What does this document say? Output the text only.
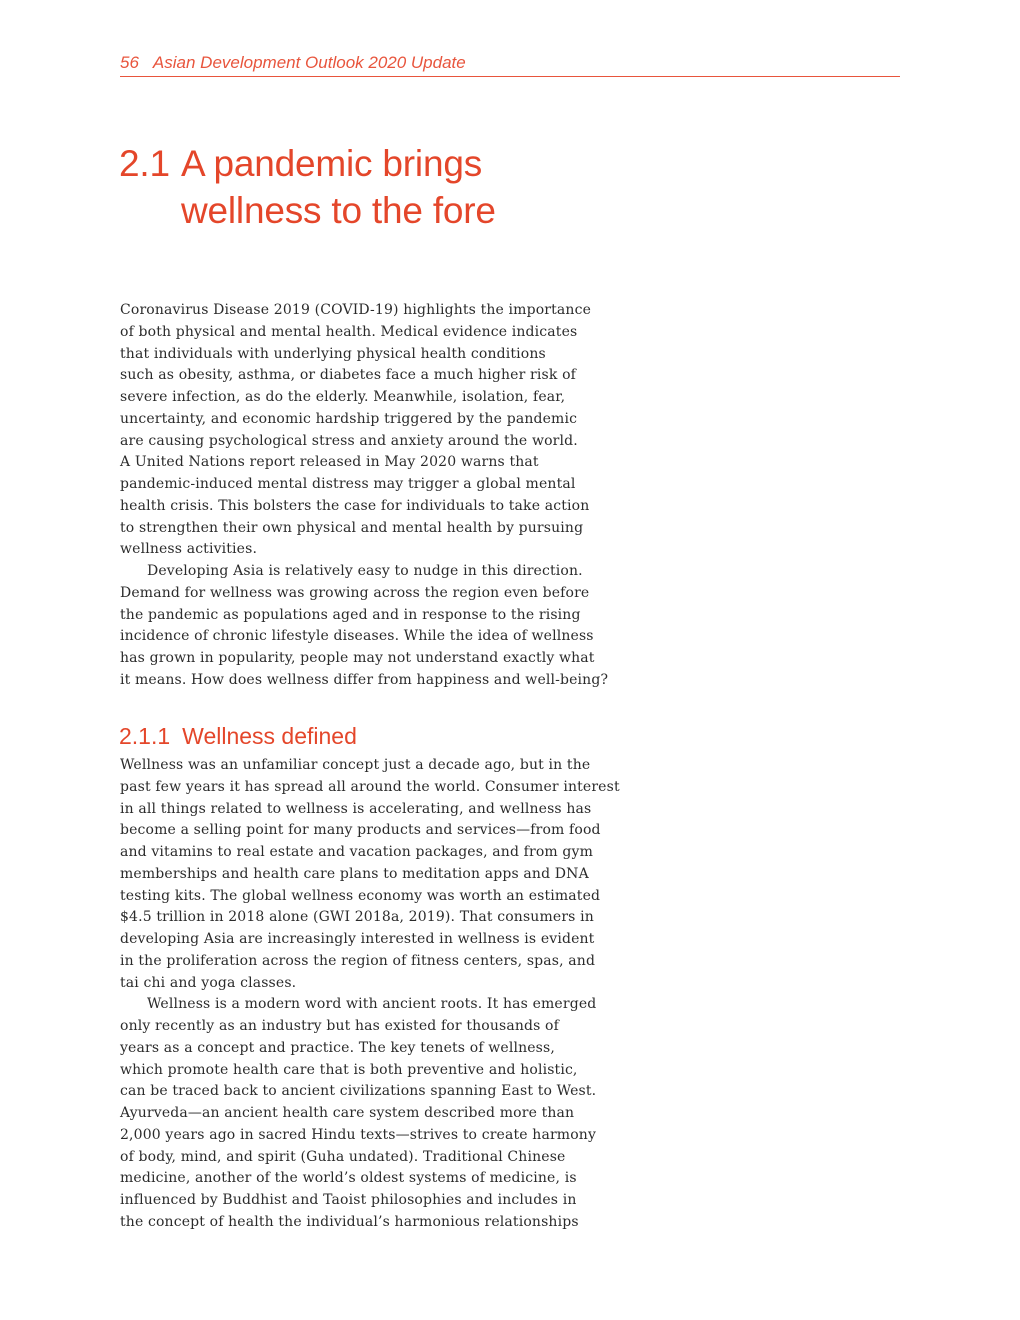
56 Asian Development Outlook 2020 Update
2.1 A pandemic brings
wellness to the fore

Coronavirus Disease 2019 (COVID-19) highlights the importance
of both physical and mental health. Medical evidence indicates
that individuals with underlying physical health conditions
such as obesity, asthma, or diabetes face a much higher risk of
severe infection, as do the elderly. Meanwhile, isolation, fear,
uncertainty, and economic hardship triggered by the pandemic
are causing psychological stress and anxiety around the world.
A United Nations report released in May 2020 warns that
pandemic-induced mental distress may trigger a global mental
health crisis. This bolsters the case for individuals to take action
to strengthen their own physical and mental health by pursuing
wellness activities.

Developing Asia is relatively easy to nudge in this direction.
Demand for wellness was growing across the region even before
the pandemic as populations aged and in response to the rising
incidence of chronic lifestyle diseases. While the idea of wellness
has grown in popularity, people may not understand exactly what
it means. How does wellness differ from happiness and well-being?

2.1.1 Wellness defined

Wellness was an unfamiliar concept just a decade ago, but in the
past few years it has spread all around the world. Consumer interest
in all things related to wellness is accelerating, and wellness has
become a selling point for many products and services—from food
and vitamins to real estate and vacation packages, and from gym
memberships and health care plans to meditation apps and DNA
testing kits. The global wellness economy was worth an estimated
$4.5 trillion in 2018 alone (GWI 2018a, 2019). That consumers in
developing Asia are increasingly interested in wellness is evident
in the proliferation across the region of fitness centers, spas, and
tai chi and yoga classes.

Wellness is a modern word with ancient roots. It has emerged
only recently as an industry but has existed for thousands of
years as a concept and practice. The key tenets of wellness,
which promote health care that is both preventive and holistic,
can be traced back to ancient civilizations spanning East to West.
Ayurveda—an ancient health care system described more than
2,000 years ago in sacred Hindu texts—strives to create harmony
of body, mind, and spirit (Guha undated). Traditional Chinese
medicine, another of the world’s oldest systems of medicine, is
influenced by Buddhist and Taoist philosophies and includes in
the concept of health the individual’s harmonious relationships
